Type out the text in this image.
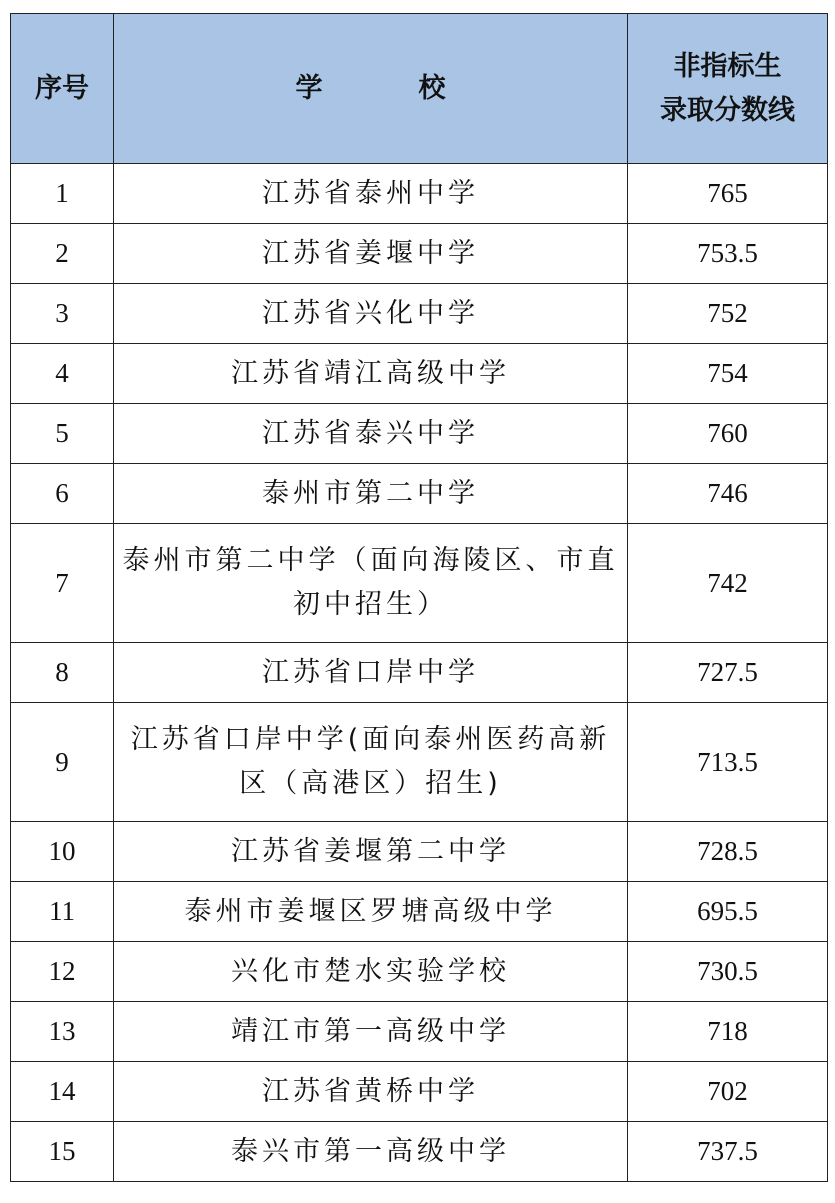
序号	学 校	非指标生
录取分数线

1	江苏省泰州中学	765
2	江苏省姜堰中学	753.5
3	江苏省兴化中学	752
4	江苏省靖江高级中学	754
5	江苏省泰兴中学	760
6	泰州市第二中学	746
7	泰州市第二中学（面向海陵区、市直
初中招生）	742
8	江苏省口岸中学	727.5
9	江苏省口岸中学(面向泰州医药高新
区（高港区）招生)	713.5
10	江苏省姜堰第二中学	728.5
11	泰州市姜堰区罗塘高级中学	695.5
12	兴化市楚水实验学校	730.5
13	靖江市第一高级中学	718
14	江苏省黄桥中学	702
15	泰兴市第一高级中学	737.5
